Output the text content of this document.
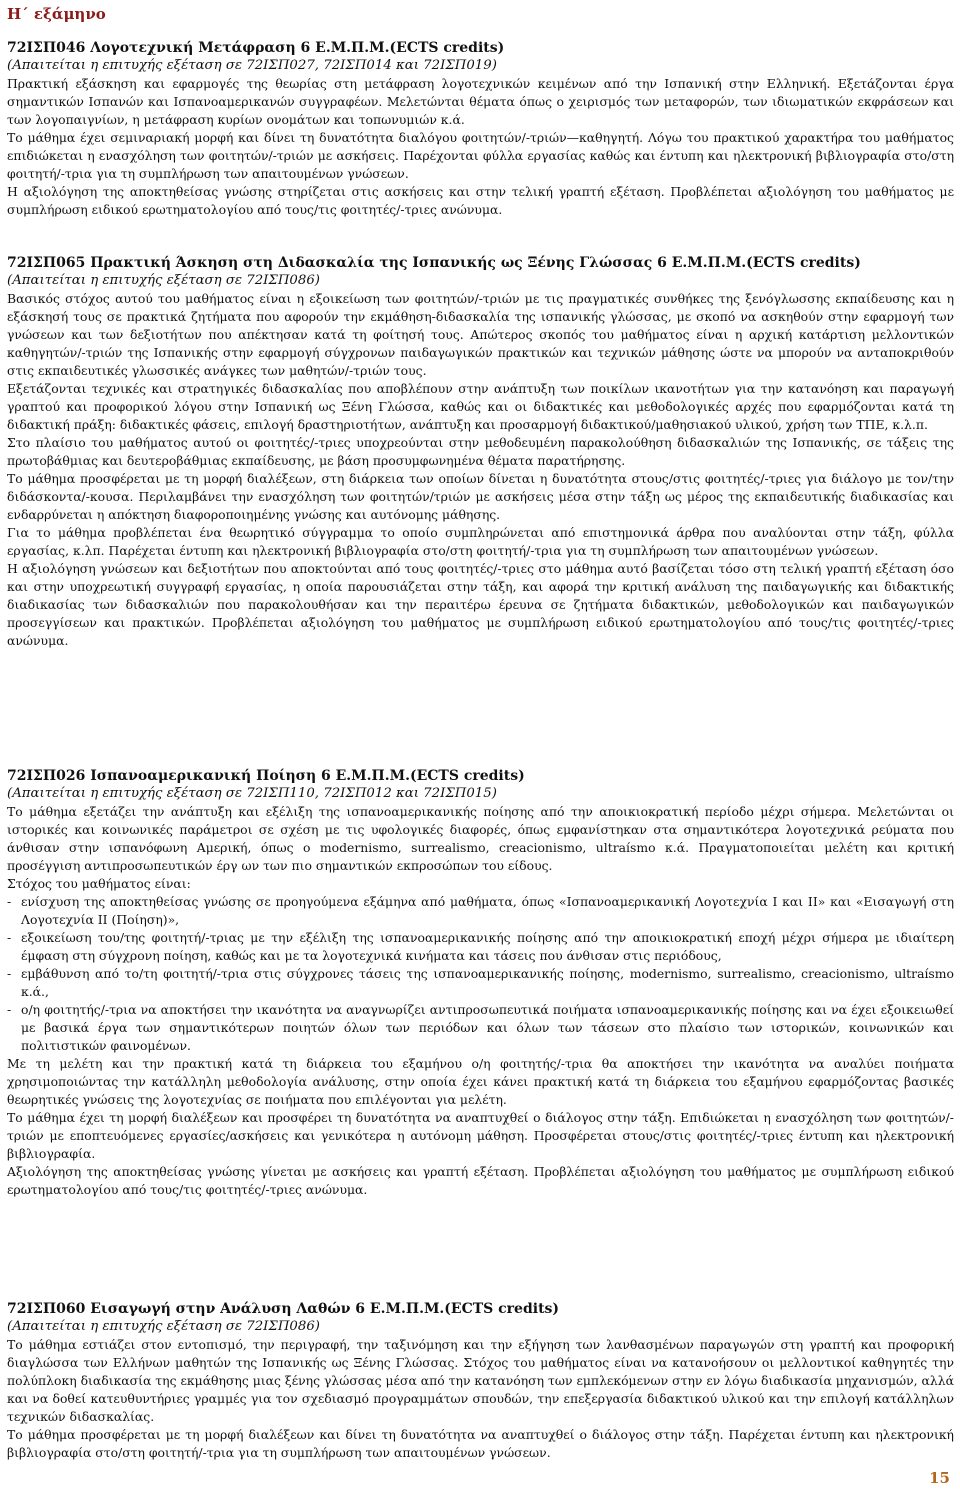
Η΄ εξάμηνο
72ΙΣΠ046 Λογοτεχνική Μετάφραση 6 Ε.Μ.Π.Μ.(ECTS credits)
(Απαιτείται η επιτυχής εξέταση σε 72ΙΣΠ027, 72ΙΣΠ014 και 72ΙΣΠ019)

Πρακτική εξάσκηση και εφαρμογές της θεωρίας στη μετάφραση λογοτεχνικών κειμένων από την Ισπανική στην Ελληνική. Εξετάζονται έργα σημαντικών Ισπανών και Ισπανοαμερικανών συγγραφέων. Μελετώνται θέματα όπως ο χειρισμός των μεταφορών, των ιδιωματικών εκφράσεων και των λογοπαιγνίων, η μετάφραση κυρίων ονομάτων και τοπωνυμιών κ.ά.

Το μάθημα έχει σεμιναριακή μορφή και δίνει τη δυνατότητα διαλόγου φοιτητών/-τριών—καθηγητή. Λόγω του πρακτικού χαρακτήρα του μαθήματος επιδιώκεται η ενασχόληση των φοιτητών/-τριών με ασκήσεις. Παρέχονται φύλλα εργασίας καθώς και έντυπη και ηλεκτρονική βιβλιογραφία στο/στη φοιτητή/-τρια για τη συμπλήρωση των απαιτουμένων γνώσεων.

Η αξιολόγηση της αποκτηθείσας γνώσης στηρίζεται στις ασκήσεις και στην τελική γραπτή εξέταση. Προβλέπεται αξιολόγηση του μαθήματος με συμπλήρωση ειδικού ερωτηματολογίου από τους/τις φοιτητές/-τριες ανώνυμα.

72ΙΣΠ065 Πρακτική Άσκηση στη Διδασκαλία της Ισπανικής ως Ξένης Γλώσσας 6 Ε.Μ.Π.Μ.(ECTS credits)
(Απαιτείται η επιτυχής εξέταση σε 72ΙΣΠ086)

Βασικός στόχος αυτού του μαθήματος είναι η εξοικείωση των φοιτητών/-τριών με τις πραγματικές συνθήκες της ξενόγλωσσης εκπαίδευσης και η εξάσκησή τους σε πρακτικά ζητήματα που αφορούν την εκμάθηση-διδασκαλία της ισπανικής γλώσσας, με σκοπό να ασκηθούν στην εφαρμογή των γνώσεων και των δεξιοτήτων που απέκτησαν κατά τη φοίτησή τους. Απώτερος σκοπός του μαθήματος είναι η αρχική κατάρτιση μελλοντικών καθηγητών/-τριών της Ισπανικής στην εφαρμογή σύγχρονων παιδαγωγικών πρακτικών και τεχνικών μάθησης ώστε να μπορούν να ανταποκριθούν στις εκπαιδευτικές γλωσσικές ανάγκες των μαθητών/-τριών τους.

Εξετάζονται τεχνικές και στρατηγικές διδασκαλίας που αποβλέπουν στην ανάπτυξη των ποικίλων ικανοτήτων για την κατανόηση και παραγωγή γραπτού και προφορικού λόγου στην Ισπανική ως Ξένη Γλώσσα, καθώς και οι διδακτικές και μεθοδολογικές αρχές που εφαρμόζονται κατά τη διδακτική πράξη: διδακτικές φάσεις, επιλογή δραστηριοτήτων, ανάπτυξη και προσαρμογή διδακτικού/μαθησιακού υλικού, χρήση των ΤΠΕ, κ.λ.π.

Στο πλαίσιο του μαθήματος αυτού οι φοιτητές/-τριες υποχρεούνται στην μεθοδευμένη παρακολούθηση διδασκαλιών της Ισπανικής, σε τάξεις της πρωτοβάθμιας και δευτεροβάθμιας εκπαίδευσης, με βάση προσυμφωνημένα θέματα παρατήρησης.

Το μάθημα προσφέρεται με τη μορφή διαλέξεων, στη διάρκεια των οποίων δίνεται η δυνατότητα στους/στις φοιτητές/-τριες για διάλογο με τον/την διδάσκοντα/-κουσα. Περιλαμβάνει την ενασχόληση των φοιτητών/τριών με ασκήσεις μέσα στην τάξη ως μέρος της εκπαιδευτικής διαδικασίας και ενδαρρύνεται η απόκτηση διαφοροποιημένης γνώσης και αυτόνομης μάθησης.

Για το μάθημα προβλέπεται ένα θεωρητικό σύγγραμμα το οποίο συμπληρώνεται από επιστημονικά άρθρα που αναλύονται στην τάξη, φύλλα εργασίας, κ.λπ. Παρέχεται έντυπη και ηλεκτρονική βιβλιογραφία στο/στη φοιτητή/-τρια για τη συμπλήρωση των απαιτουμένων γνώσεων.

Η αξιολόγηση γνώσεων και δεξιοτήτων που αποκτούνται από τους φοιτητές/-τριες στο μάθημα αυτό βασίζεται τόσο στη τελική γραπτή εξέταση όσο και στην υποχρεωτική συγγραφή εργασίας, η οποία παρουσιάζεται στην τάξη, και αφορά την κριτική ανάλυση της παιδαγωγικής και διδακτικής διαδικασίας των διδασκαλιών που παρακολουθήσαν και την περαιτέρω έρευνα σε ζητήματα διδακτικών, μεθοδολογικών και παιδαγωγικών προσεγγίσεων και πρακτικών. Προβλέπεται αξιολόγηση του μαθήματος με συμπλήρωση ειδικού ερωτηματολογίου από τους/τις φοιτητές/-τριες ανώνυμα.

72ΙΣΠ026 Ισπανοαμερικανική Ποίηση 6 Ε.Μ.Π.Μ.(ECTS credits)
(Απαιτείται η επιτυχής εξέταση σε 72ΙΣΠ110, 72ΙΣΠ012 και 72ΙΣΠ015)

Το μάθημα εξετάζει την ανάπτυξη και εξέλιξη της ισπανοαμερικανικής ποίησης από την αποικιοκρατική περίοδο μέχρι σήμερα. Μελετώνται οι ιστορικές και κοινωνικές παράμετροι σε σχέση με τις υφολογικές διαφορές, όπως εμφανίστηκαν στα σημαντικότερα λογοτεχνικά ρεύματα που άνθισαν στην ισπανόφωνη Αμερική, όπως ο modernismo, surrealismo, creacionismo, ultraísmo κ.ά. Πραγματοποιείται μελέτη και κριτική προσέγγιση αντιπροσωπευτικών έργ ων των πιο σημαντικών εκπροσώπων του είδους.

Στόχος του μαθήματος είναι:

- ενίσχυση της αποκτηθείσας γνώσης σε προηγούμενα εξάμηνα από μαθήματα, όπως «Ισπανοαμερικανική Λογοτεχνία Ι και ΙΙ» και «Εισαγωγή στη Λογοτεχνία ΙΙ (Ποίηση)»,
- εξοικείωση του/της φοιτητή/-τριας με την εξέλιξη της ισπανοαμερικανικής ποίησης από την αποικιοκρατική εποχή μέχρι σήμερα με ιδιαίτερη έμφαση στη σύγχρονη ποίηση, καθώς και με τα λογοτεχνικά κινήματα και τάσεις που άνθισαν στις περιόδους,
- εμβάθυνση από το/τη φοιτητή/-τρια στις σύγχρονες τάσεις της ισπανοαμερικανικής ποίησης, modernismo, surrealismo, creacionismo, ultraísmo κ.ά.,
- ο/η φοιτητής/-τρια να αποκτήσει την ικανότητα να αναγνωρίζει αντιπροσωπευτικά ποιήματα ισπανοαμερικανικής ποίησης και να έχει εξοικειωθεί με βασικά έργα των σημαντικότερων ποιητών όλων των περιόδων και όλων των τάσεων στο πλαίσιο των ιστορικών, κοινωνικών και πολιτιστικών φαινομένων.

Με τη μελέτη και την πρακτική κατά τη διάρκεια του εξαμήνου ο/η φοιτητής/-τρια θα αποκτήσει την ικανότητα να αναλύει ποιήματα χρησιμοποιώντας την κατάλληλη μεθοδολογία ανάλυσης, στην οποία έχει κάνει πρακτική κατά τη διάρκεια του εξαμήνου εφαρμόζοντας βασικές θεωρητικές γνώσεις της λογοτεχνίας σε ποιήματα που επιλέγονται για μελέτη.

Το μάθημα έχει τη μορφή διαλέξεων και προσφέρει τη δυνατότητα να αναπτυχθεί ο διάλογος στην τάξη. Επιδιώκεται η ενασχόληση των φοιτητών/-τριών με εποπτευόμενες εργασίες/ασκήσεις και γενικότερα η αυτόνομη μάθηση. Προσφέρεται στους/στις φοιτητές/-τριες έντυπη και ηλεκτρονική βιβλιογραφία.

Αξιολόγηση της αποκτηθείσας γνώσης γίνεται με ασκήσεις και γραπτή εξέταση. Προβλέπεται αξιολόγηση του μαθήματος με συμπλήρωση ειδικού ερωτηματολογίου από τους/τις φοιτητές/-τριες ανώνυμα.

72ΙΣΠ060 Εισαγωγή στην Ανάλυση Λαθών 6 Ε.Μ.Π.Μ.(ECTS credits)
(Απαιτείται η επιτυχής εξέταση σε 72ΙΣΠ086)

Το μάθημα εστιάζει στον εντοπισμό, την περιγραφή, την ταξινόμηση και την εξήγηση των λανθασμένων παραγωγών στη γραπτή και προφορική διαγλώσσα των Ελλήνων μαθητών της Ισπανικής ως Ξένης Γλώσσας. Στόχος του μαθήματος είναι να κατανοήσουν οι μελλοντικοί καθηγητές την πολύπλοκη διαδικασία της εκμάθησης μιας ξένης γλώσσας μέσα από την κατανόηση των εμπλεκόμενων στην εν λόγω διαδικασία μηχανισμών, αλλά και να δοθεί κατευθυντήριες γραμμές για τον σχεδιασμό προγραμμάτων σπουδών, την επεξεργασία διδακτικού υλικού και την επιλογή κατάλληλων τεχνικών διδασκαλίας.

Το μάθημα προσφέρεται με τη μορφή διαλέξεων και δίνει τη δυνατότητα να αναπτυχθεί ο διάλογος στην τάξη. Παρέχεται έντυπη και ηλεκτρονική βιβλιογραφία στο/στη φοιτητή/-τρια για τη συμπλήρωση των απαιτουμένων γνώσεων.

15
